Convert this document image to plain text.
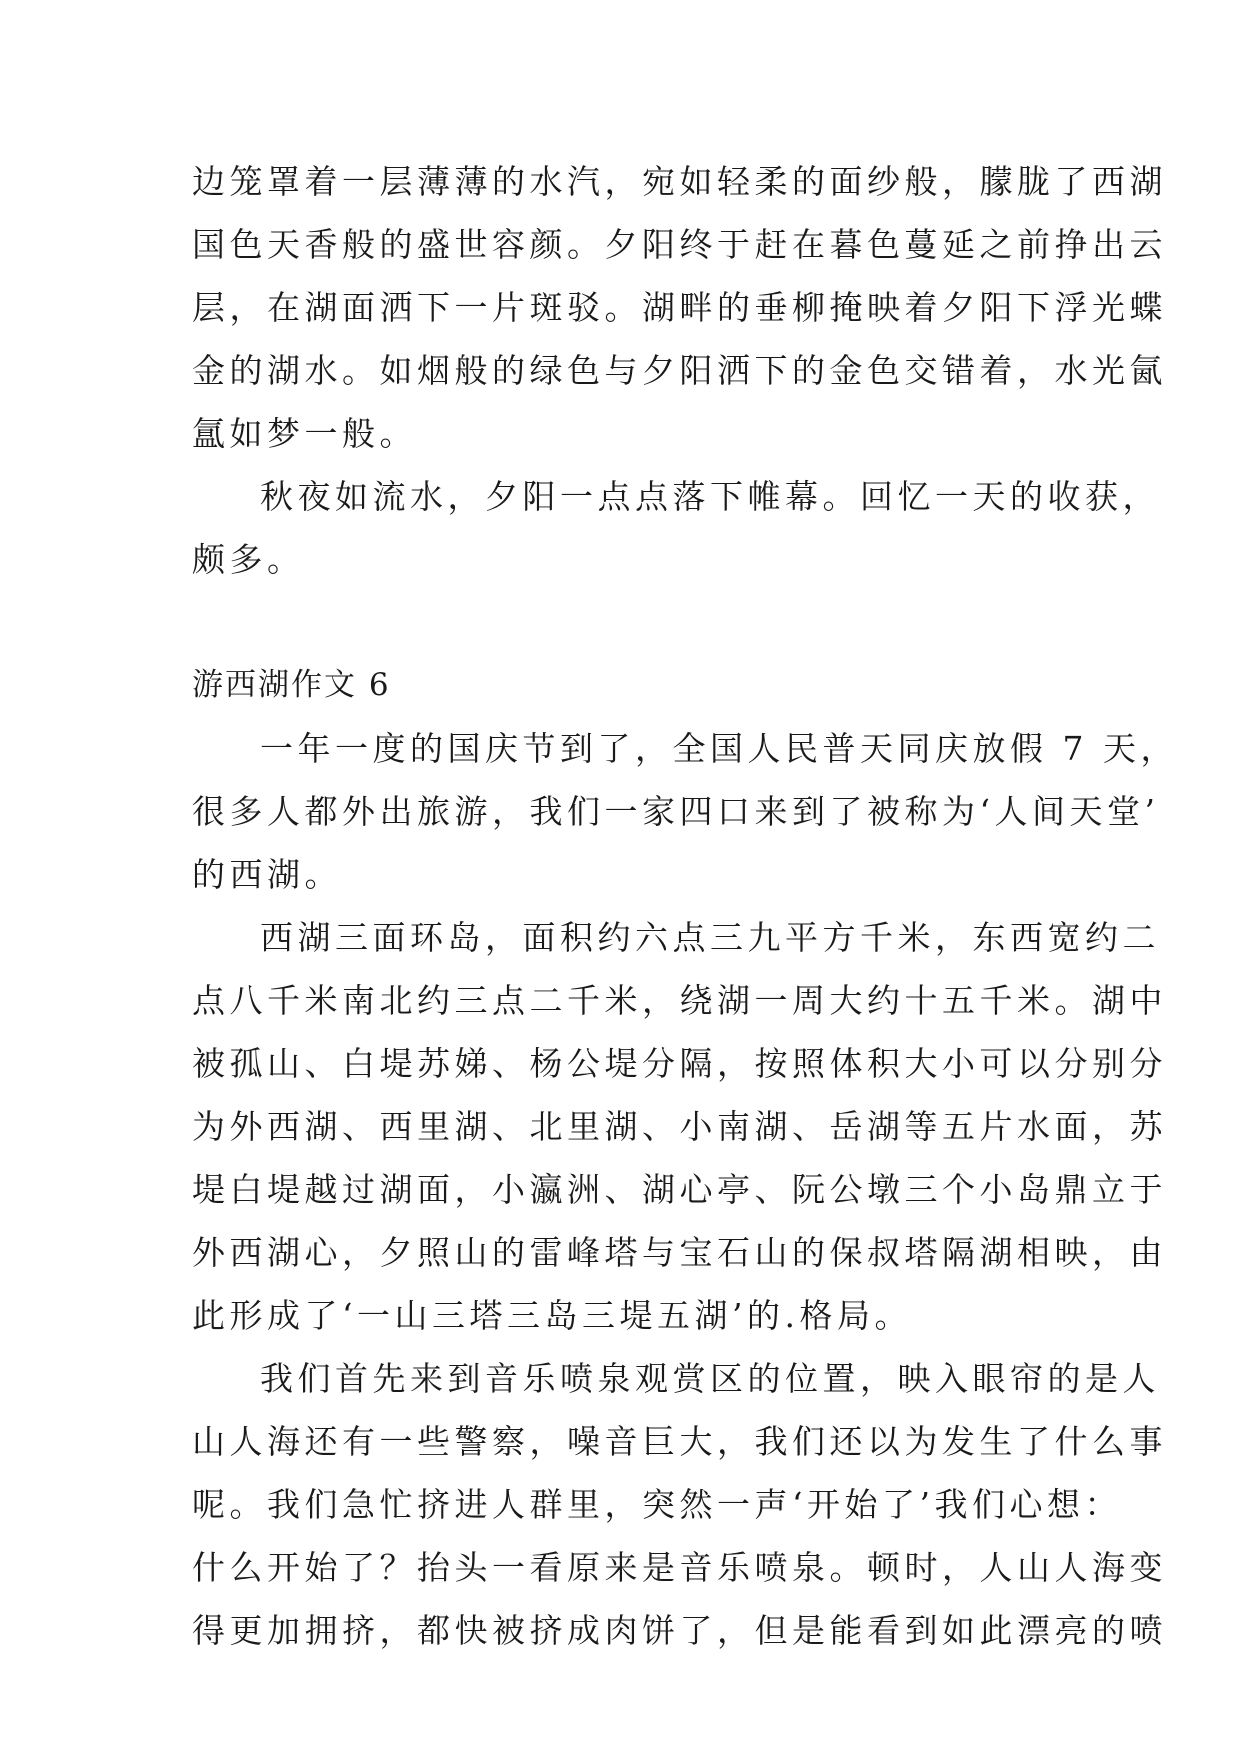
边笼罩着一层薄薄的水汽，宛如轻柔的面纱般，朦胧了西湖
国色天香般的盛世容颜。夕阳终于赶在暮色蔓延之前挣出云
层，在湖面洒下一片斑驳。湖畔的垂柳掩映着夕阳下浮光蝶
金的湖水。如烟般的绿色与夕阳洒下的金色交错着，水光氤
氲如梦一般。
秋夜如流水，夕阳一点点落下帷幕。回忆一天的收获，
颇多。
游西湖作文 6
一年一度的国庆节到了，全国人民普天同庆放假 7 天，
很多人都外出旅游，我们一家四口来到了被称为‘人间天堂’
的西湖。
西湖三面环岛，面积约六点三九平方千米，东西宽约二
点八千米南北约三点二千米，绕湖一周大约十五千米。湖中
被孤山、白堤苏娣、杨公堤分隔，按照体积大小可以分别分
为外西湖、西里湖、北里湖、小南湖、岳湖等五片水面，苏
堤白堤越过湖面，小瀛洲、湖心亭、阮公墩三个小岛鼎立于
外西湖心，夕照山的雷峰塔与宝石山的保叔塔隔湖相映，由
此形成了‘一山三塔三岛三堤五湖’的.格局。
我们首先来到音乐喷泉观赏区的位置，映入眼帘的是人
山人海还有一些警察，噪音巨大，我们还以为发生了什么事
呢。我们急忙挤进人群里，突然一声‘开始了’我们心想：
什么开始了？抬头一看原来是音乐喷泉。顿时，人山人海变
得更加拥挤，都快被挤成肉饼了，但是能看到如此漂亮的喷
